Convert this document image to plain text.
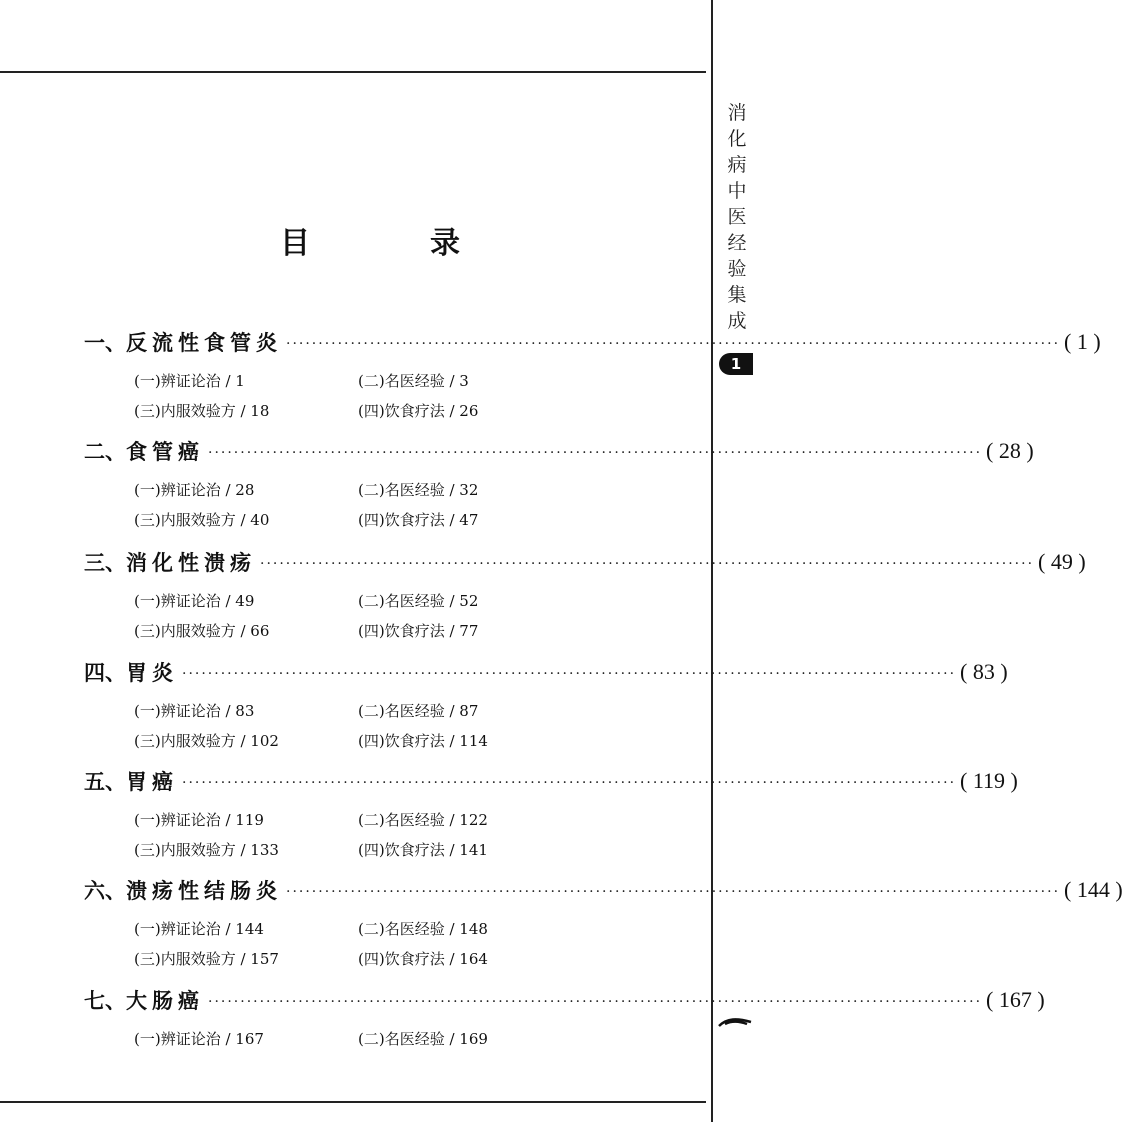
消
化
病
中
医
经
验
集
成
1
目	录
一、 反流性食管炎 ························································································································ ( 1 )
(一)辨证论治 / 1	(二)名医经验 / 3
(三)内服效验方 / 18	(四)饮食疗法 / 26
二、 食管癌 ························································································································ ( 28 )
(一)辨证论治 / 28	(二)名医经验 / 32
(三)内服效验方 / 40	(四)饮食疗法 / 47
三、 消化性溃疡 ························································································································ ( 49 )
(一)辨证论治 / 49	(二)名医经验 / 52
(三)内服效验方 / 66	(四)饮食疗法 / 77
四、 胃炎 ························································································································ ( 83 )
(一)辨证论治 / 83	(二)名医经验 / 87
(三)内服效验方 / 102	(四)饮食疗法 / 114
五、 胃癌 ························································································································ ( 119 )
(一)辨证论治 / 119	(二)名医经验 / 122
(三)内服效验方 / 133	(四)饮食疗法 / 141
六、 溃疡性结肠炎 ························································································································ ( 144 )
(一)辨证论治 / 144	(二)名医经验 / 148
(三)内服效验方 / 157	(四)饮食疗法 / 164
七、 大肠癌 ························································································································ ( 167 )
(一)辨证论治 / 167	(二)名医经验 / 169
